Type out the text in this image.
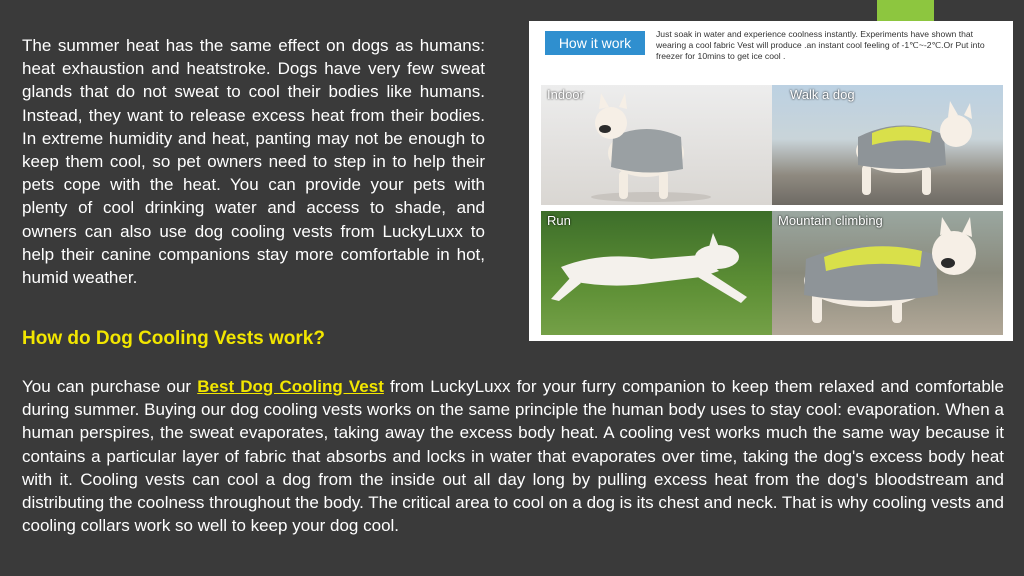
The summer heat has the same effect on dogs as humans: heat exhaustion and heatstroke. Dogs have very few sweat glands that do not sweat to cool their bodies like humans. Instead, they want to release excess heat from their bodies. In extreme humidity and heat, panting may not be enough to keep them cool, so pet owners need to step in to help their pets cope with the heat. You can provide your pets with plenty of cool drinking water and access to shade, and owners can also use dog cooling vests from LuckyLuxx to help their canine companions stay more comfortable in hot, humid weather.

How it work
Just soak in water and experience coolness instantly. Experiments have shown that wearing a cool fabric Vest will produce .an instant cool feeling of -1℃~-2℃.Or Put into freezer for 10mins to get ice cool .
Indoor	Walk a dog
Run	Mountain climbing
How do Dog Cooling Vests work?

You can purchase our Best Dog Cooling Vest from LuckyLuxx for your furry companion to keep them relaxed and comfortable during summer. Buying our dog cooling vests works on the same principle the human body uses to stay cool: evaporation. When a human perspires, the sweat evaporates, taking away the excess body heat. A cooling vest works much the same way because it contains a particular layer of fabric that absorbs and locks in water that evaporates over time, taking the dog's excess body heat with it. Cooling vests can cool a dog from the inside out all day long by pulling excess heat from the dog's bloodstream and distributing the coolness throughout the body. The critical area to cool on a dog is its chest and neck. That is why cooling vests and cooling collars work so well to keep your dog cool.
